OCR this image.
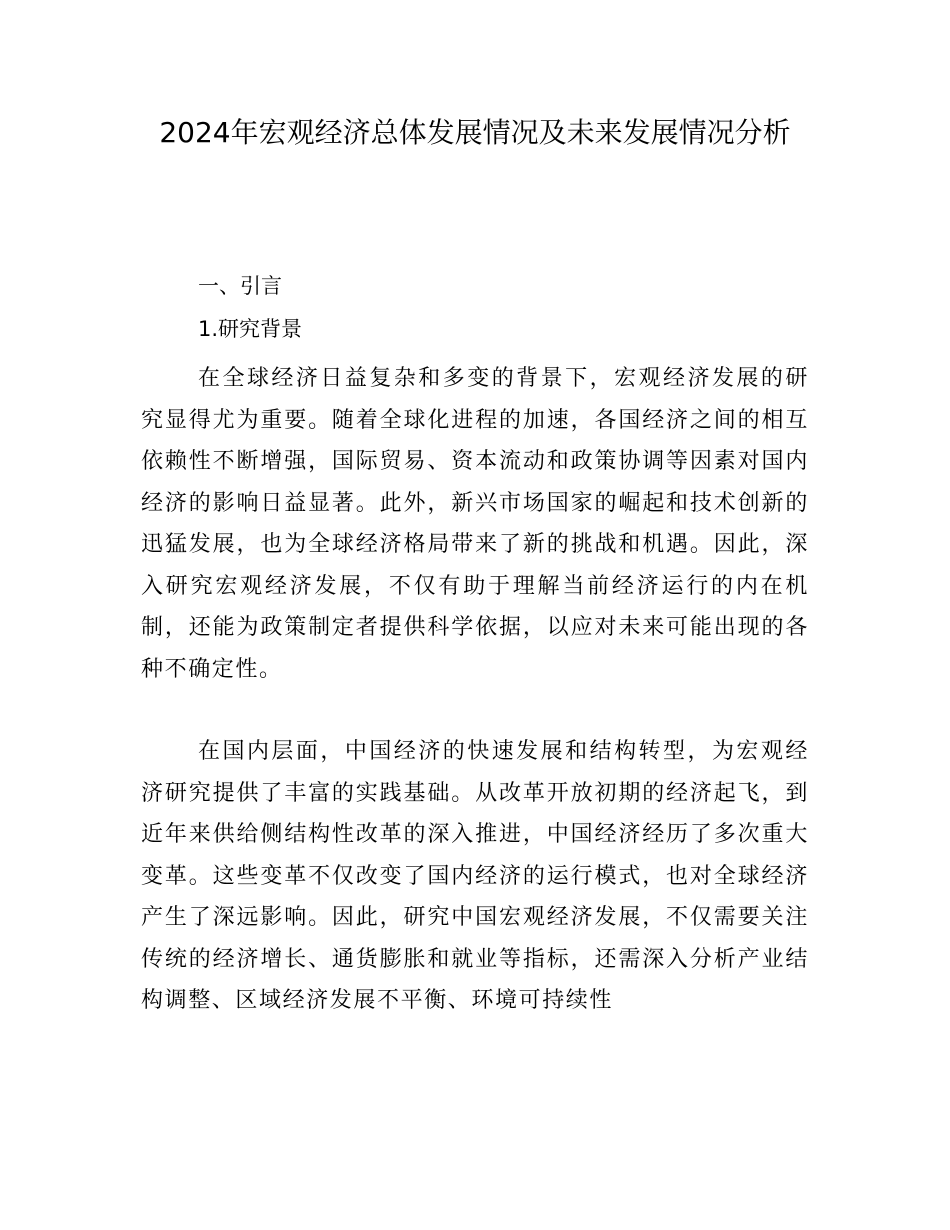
2024年宏观经济总体发展情况及未来发展情况分析

一、引言

1.研究背景

在全球经济日益复杂和多变的背景下，宏观经济发展的研究显得尤为重要。随着全球化进程的加速，各国经济之间的相互依赖性不断增强，国际贸易、资本流动和政策协调等因素对国内经济的影响日益显著。此外，新兴市场国家的崛起和技术创新的迅猛发展，也为全球经济格局带来了新的挑战和机遇。因此，深入研究宏观经济发展，不仅有助于理解当前经济运行的内在机制，还能为政策制定者提供科学依据，以应对未来可能出现的各种不确定性。

在国内层面，中国经济的快速发展和结构转型，为宏观经济研究提供了丰富的实践基础。从改革开放初期的经济起飞，到近年来供给侧结构性改革的深入推进，中国经济经历了多次重大变革。这些变革不仅改变了国内经济的运行模式，也对全球经济产生了深远影响。因此，研究中国宏观经济发展，不仅需要关注传统的经济增长、通货膨胀和就业等指标，还需深入分析产业结构调整、区域经济发展不平衡、环境可持续性
